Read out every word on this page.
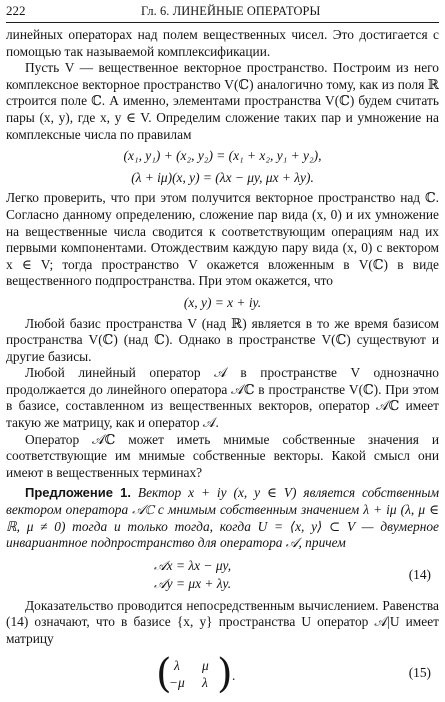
222	Гл. 6. ЛИНЕЙНЫЕ ОПЕРАТОРЫ

линейных операторах над полем вещественных чисел. Это достигается с помощью так называемой комплексификации.

Пусть V — вещественное векторное пространство. Построим из него комплексное векторное пространство V(ℂ) аналогично тому, как из поля ℝ строится поле ℂ. А именно, элементами пространства V(ℂ) будем считать пары (x, y), где x, y ∈ V. Определим сложение таких пар и умножение на комплексные числа по правилам

(x₁, y₁) + (x₂, y₂) = (x₁ + x₂, y₁ + y₂),
(λ + iμ)(x, y) = (λx − μy, μx + λy).

Легко проверить, что при этом получится векторное пространство над ℂ. Согласно данному определению, сложение пар вида (x, 0) и их умножение на вещественные числа сводится к соответствующим операциям над их первыми компонентами. Отождествим каждую пару вида (x, 0) с вектором x ∈ V; тогда пространство V окажется вложенным в V(ℂ) в виде вещественного подпространства. При этом окажется, что

(x, y) = x + iy.

Любой базис пространства V (над ℝ) является в то же время базисом пространства V(ℂ) (над ℂ). Однако в пространстве V(ℂ) существуют и другие базисы.

Любой линейный оператор 𝒜 в пространстве V однозначно продолжается до линейного оператора 𝒜ℂ в пространстве V(ℂ). При этом в базисе, составленном из вещественных векторов, оператор 𝒜ℂ имеет такую же матрицу, как и оператор 𝒜.

Оператор 𝒜ℂ может иметь мнимые собственные значения и соответствующие им мнимые собственные векторы. Какой смысл они имеют в вещественных терминах?

Предложение 1. Вектор x + iy (x, y ∈ V) является собственным вектором оператора 𝒜ℂ с мнимым собственным значением λ + iμ (λ, μ ∈ ℝ, μ ≠ 0) тогда и только тогда, когда U = ⟨x, y⟩ ⊂ V — двумерное инвариантное подпространство для оператора 𝒜, причем

𝒜x = λx − μy,
𝒜y = μx + λy.
(14)

Доказательство проводится непосредственным вычислением. Равенства (14) означают, что в базисе {x, y} пространства U оператор 𝒜|U имеет матрицу

( λ μ
−μ λ ) .	(15)
